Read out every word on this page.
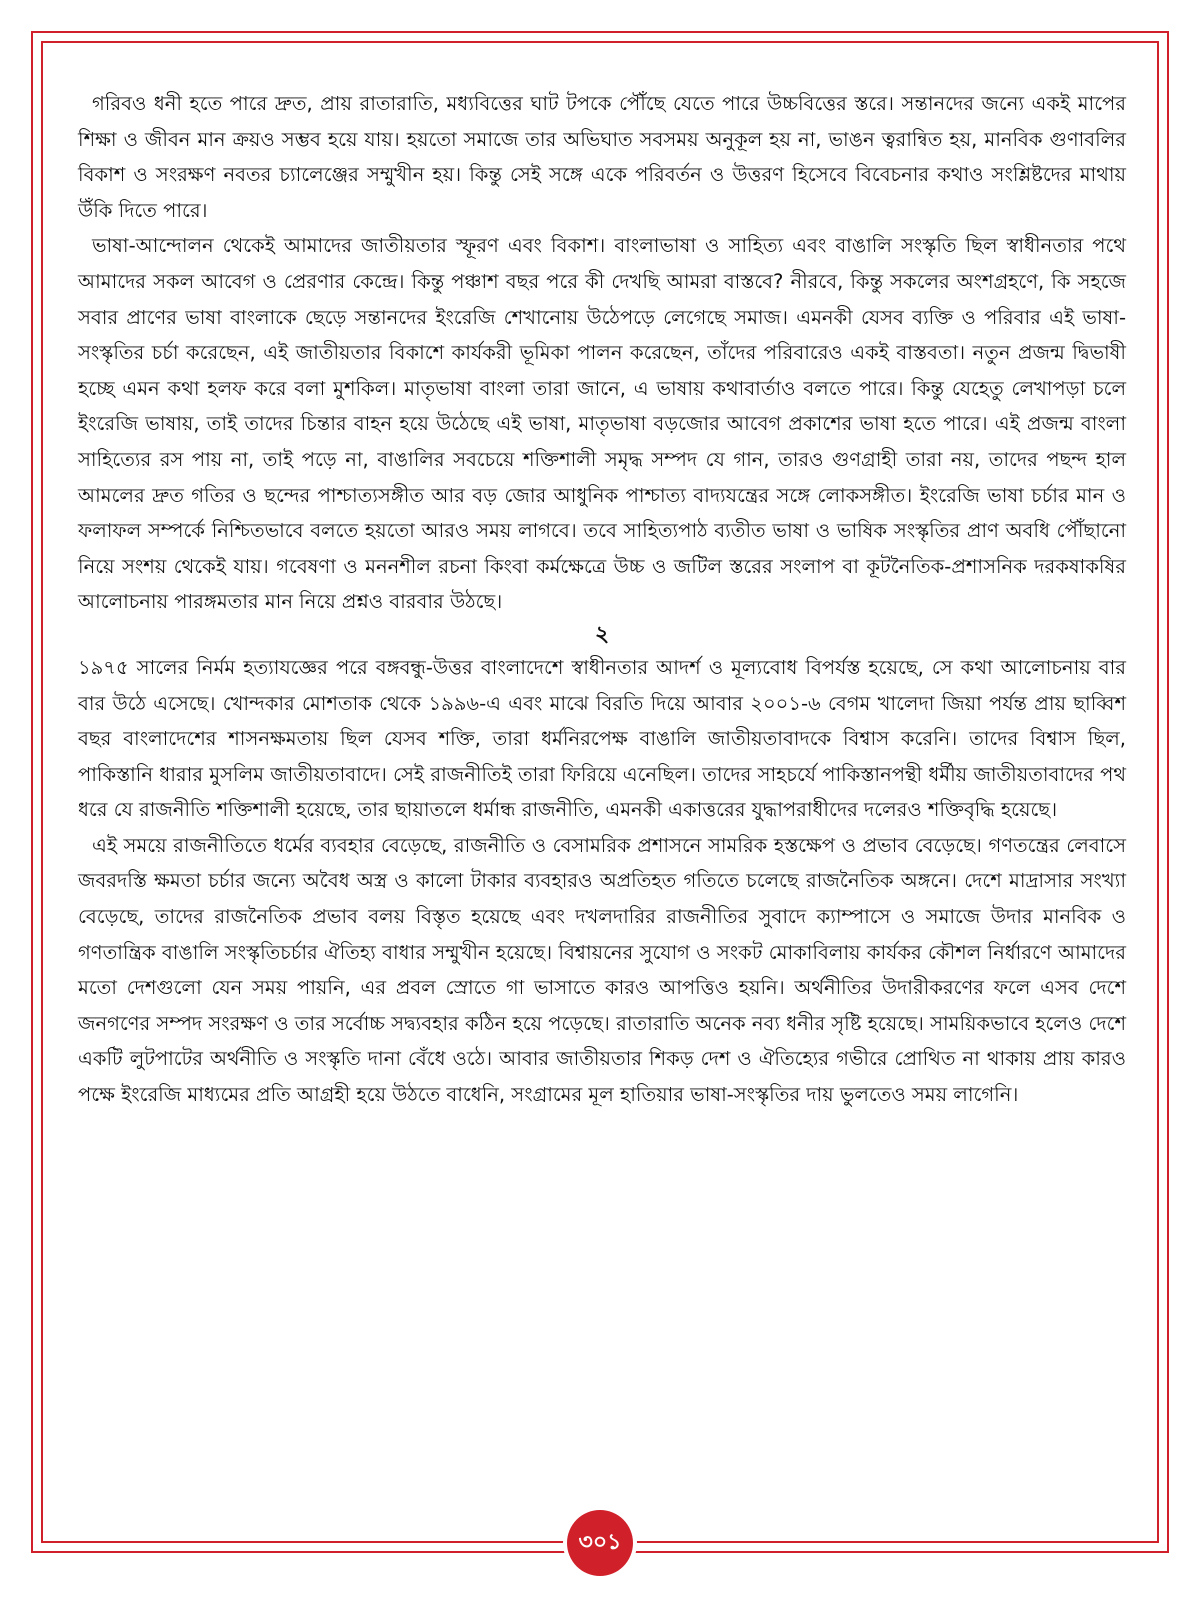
গরিবও ধনী হতে পারে দ্রুত, প্রায় রাতারাতি, মধ্যবিত্তের ঘাট টপকে পৌঁছে যেতে পারে উচ্চবিত্তের স্তরে। সন্তানদের জন্যে একই মাপের শিক্ষা ও জীবন মান ক্রয়ও সম্ভব হয়ে যায়। হয়তো সমাজে তার অভিঘাত সবসময় অনুকূল হয় না, ভাঙন ত্বরান্বিত হয়, মানবিক গুণাবলির বিকাশ ও সংরক্ষণ নবতর চ্যালেঞ্জের সম্মুখীন হয়। কিন্তু সেই সঙ্গে একে পরিবর্তন ও উত্তরণ হিসেবে বিবেচনার কথাও সংশ্লিষ্টদের মাথায় উঁকি দিতে পারে।

ভাষা-আন্দোলন থেকেই আমাদের জাতীয়তার স্ফূরণ এবং বিকাশ। বাংলাভাষা ও সাহিত্য এবং বাঙালি সংস্কৃতি ছিল স্বাধীনতার পথে আমাদের সকল আবেগ ও প্রেরণার কেন্দ্রে। কিন্তু পঞ্চাশ বছর পরে কী দেখছি আমরা বাস্তবে? নীরবে, কিন্তু সকলের অংশগ্রহণে, কি সহজে সবার প্রাণের ভাষা বাংলাকে ছেড়ে সন্তানদের ইংরেজি শেখানোয় উঠেপড়ে লেগেছে সমাজ। এমনকী যেসব ব্যক্তি ও পরিবার এই ভাষা-সংস্কৃতির চর্চা করেছেন, এই জাতীয়তার বিকাশে কার্যকরী ভূমিকা পালন করেছেন, তাঁদের পরিবারেও একই বাস্তবতা। নতুন প্রজন্ম দ্বিভাষী হচ্ছে এমন কথা হলফ করে বলা মুশকিল। মাতৃভাষা বাংলা তারা জানে, এ ভাষায় কথাবার্তাও বলতে পারে। কিন্তু যেহেতু লেখাপড়া চলে ইংরেজি ভাষায়, তাই তাদের চিন্তার বাহন হয়ে উঠেছে এই ভাষা, মাতৃভাষা বড়জোর আবেগ প্রকাশের ভাষা হতে পারে। এই প্রজন্ম বাংলা সাহিত্যের রস পায় না, তাই পড়ে না, বাঙালির সবচেয়ে শক্তিশালী সমৃদ্ধ সম্পদ যে গান, তারও গুণগ্রাহী তারা নয়, তাদের পছন্দ হাল আমলের দ্রুত গতির ও ছন্দের পাশ্চাত্যসঙ্গীত আর বড় জোর আধুনিক পাশ্চাত্য বাদ্যযন্ত্রের সঙ্গে লোকসঙ্গীত। ইংরেজি ভাষা চর্চার মান ও ফলাফল সম্পর্কে নিশ্চিতভাবে বলতে হয়তো আরও সময় লাগবে। তবে সাহিত্যপাঠ ব্যতীত ভাষা ও ভাষিক সংস্কৃতির প্রাণ অবধি পৌঁছানো নিয়ে সংশয় থেকেই যায়। গবেষণা ও মননশীল রচনা কিংবা কর্মক্ষেত্রে উচ্চ ও জটিল স্তরের সংলাপ বা কূটনৈতিক-প্রশাসনিক দরকষাকষির আলোচনায় পারঙ্গমতার মান নিয়ে প্রশ্নও বারবার উঠছে।

২

১৯৭৫ সালের নির্মম হত্যাযজ্ঞের পরে বঙ্গবন্ধু-উত্তর বাংলাদেশে স্বাধীনতার আদর্শ ও মূল্যবোধ বিপর্যস্ত হয়েছে, সে কথা আলোচনায় বার বার উঠে এসেছে। খোন্দকার মোশতাক থেকে ১৯৯৬-এ এবং মাঝে বিরতি দিয়ে আবার ২০০১-৬ বেগম খালেদা জিয়া পর্যন্ত প্রায় ছাব্বিশ বছর বাংলাদেশের শাসনক্ষমতায় ছিল যেসব শক্তি, তারা ধর্মনিরপেক্ষ বাঙালি জাতীয়তাবাদকে বিশ্বাস করেনি। তাদের বিশ্বাস ছিল, পাকিস্তানি ধারার মুসলিম জাতীয়তাবাদে। সেই রাজনীতিই তারা ফিরিয়ে এনেছিল। তাদের সাহচর্যে পাকিস্তানপন্থী ধর্মীয় জাতীয়তাবাদের পথ ধরে যে রাজনীতি শক্তিশালী হয়েছে, তার ছায়াতলে ধর্মান্ধ রাজনীতি, এমনকী একাত্তরের যুদ্ধাপরাধীদের দলেরও শক্তিবৃদ্ধি হয়েছে।

এই সময়ে রাজনীতিতে ধর্মের ব্যবহার বেড়েছে, রাজনীতি ও বেসামরিক প্রশাসনে সামরিক হস্তক্ষেপ ও প্রভাব বেড়েছে। গণতন্ত্রের লেবাসে জবরদস্তি ক্ষমতা চর্চার জন্যে অবৈধ অস্ত্র ও কালো টাকার ব্যবহারও অপ্রতিহত গতিতে চলেছে রাজনৈতিক অঙ্গনে। দেশে মাদ্রাসার সংখ্যা বেড়েছে, তাদের রাজনৈতিক প্রভাব বলয় বিস্তৃত হয়েছে এবং দখলদারির রাজনীতির সুবাদে ক্যাম্পাসে ও সমাজে উদার মানবিক ও গণতান্ত্রিক বাঙালি সংস্কৃতিচর্চার ঐতিহ্য বাধার সম্মুখীন হয়েছে। বিশ্বায়নের সুযোগ ও সংকট মোকাবিলায় কার্যকর কৌশল নির্ধারণে আমাদের মতো দেশগুলো যেন সময় পায়নি, এর প্রবল স্রোতে গা ভাসাতে কারও আপত্তিও হয়নি। অর্থনীতির উদারীকরণের ফলে এসব দেশে জনগণের সম্পদ সংরক্ষণ ও তার সর্বোচ্চ সদ্ব্যবহার কঠিন হয়ে পড়েছে। রাতারাতি অনেক নব্য ধনীর সৃষ্টি হয়েছে। সাময়িকভাবে হলেও দেশে একটি লুটপাটের অর্থনীতি ও সংস্কৃতি দানা বেঁধে ওঠে। আবার জাতীয়তার শিকড় দেশ ও ঐতিহ্যের গভীরে প্রোথিত না থাকায় প্রায় কারও পক্ষে ইংরেজি মাধ্যমের প্রতি আগ্রহী হয়ে উঠতে বাধেনি, সংগ্রামের মূল হাতিয়ার ভাষা-সংস্কৃতির দায় ভুলতেও সময় লাগেনি।

৩০১
